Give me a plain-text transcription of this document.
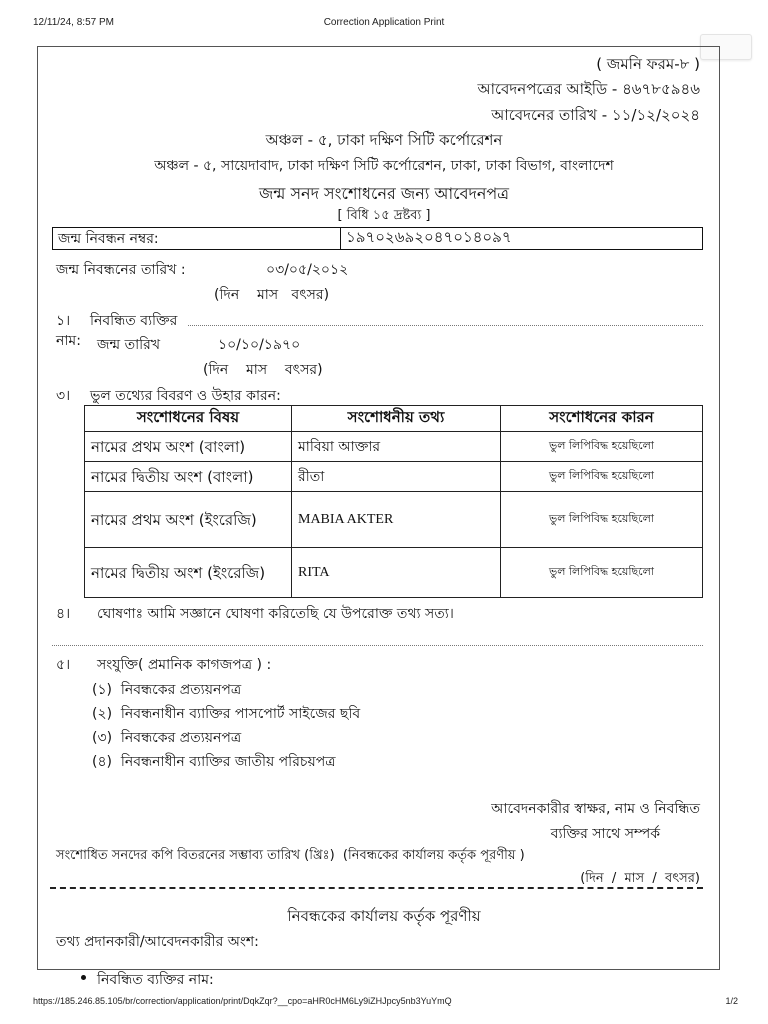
12/11/24, 8:57 PM	Correction Application Print
( জমনি ফরম-৮ )
আবেদনপত্রের আইডি - ৪৬৭৮৫৯৪৬
আবেদনের তারিখ - ১১/১২/২০২৪
অঞ্চল - ৫, ঢাকা দক্ষিণ সিটি কর্পোরেশন
অঞ্চল - ৫, সায়েদাবাদ, ঢাকা দক্ষিণ সিটি কর্পোরেশন, ঢাকা, ঢাকা বিভাগ, বাংলাদেশ
জন্ম সনদ সংশোধনের জন্য আবেদনপত্র
[ বিধি ১৫ দ্রষ্টব্য ]
জন্ম নিবন্ধন নম্বর:	১৯৭০২৬৯২০৪৭০১৪০৯৭
জন্ম নিবন্ধনের তারিখ :	০৩/০৫/২০১২
(দিন    মাস   বৎসর)
১। নিবন্ধিত ব্যক্তির
নাম: জন্ম তারিখ	১০/১০/১৯৭০
(দিন    মাস    বৎসর)
৩। ভুল তথ্যের বিবরণ ও উহার কারন:
সংশোধনের বিষয়	সংশোধনীয় তথ্য	সংশোধনের কারন
নামের প্রথম অংশ (বাংলা)	মাবিয়া আক্তার	ভুল লিপিবিদ্ধ হয়েছিলো
নামের দ্বিতীয় অংশ (বাংলা)	রীতা	ভুল লিপিবিদ্ধ হয়েছিলো
নামের প্রথম অংশ (ইংরেজি)	MABIA AKTER	ভুল লিপিবিদ্ধ হয়েছিলো
নামের দ্বিতীয় অংশ (ইংরেজি)	RITA	ভুল লিপিবিদ্ধ হয়েছিলো
৪। ঘোষণাঃ আমি সজ্ঞানে ঘোষণা করিতেছি যে উপরোক্ত তথ্য সত্য।
৫। সংযুক্তি( প্রমানিক কাগজপত্র ) :
(১)  নিবন্ধকের প্রত্যয়নপত্র
(২)  নিবন্ধনাধীন ব্যাক্তির পাসপোর্ট সাইজের ছবি
(৩)  নিবন্ধকের প্রত্যয়নপত্র
(৪)  নিবন্ধনাধীন ব্যাক্তির জাতীয় পরিচয়পত্র
আবেদনকারীর স্বাক্ষর, নাম ও নিবন্ধিত
ব্যক্তির সাথে সম্পর্ক
সংশোধিত সনদের কপি বিতরনের সম্ভাব্য তারিখ (খ্রিঃ)  (নিবন্ধকের কার্যালয় কর্তৃক পূরণীয় )
(দিন  /  মাস  /  বৎসর)
নিবন্ধকের কার্যালয় কর্তৃক পূরণীয়
তথ্য প্রদানকারী/আবেদনকারীর অংশ:
নিবন্ধিত ব্যক্তির নাম:
https://185.246.85.105/br/correction/application/print/DqkZqr?__cpo=aHR0cHM6Ly9iZHJpcy5nb3YuYmQ	1/2
